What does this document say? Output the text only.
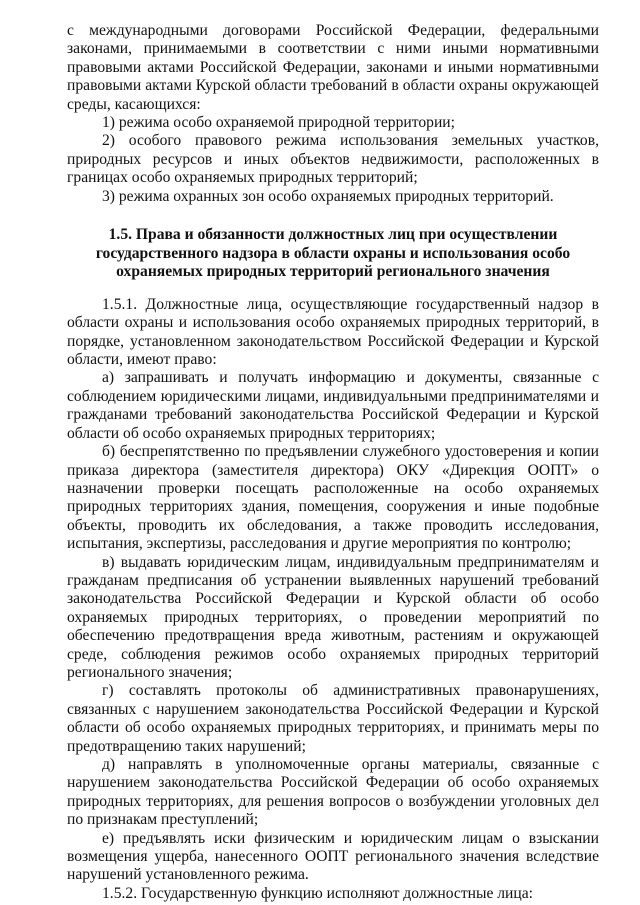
с международными договорами Российской Федерации, федеральными законами, принимаемыми в соответствии с ними иными нормативными правовыми актами Российской Федерации, законами и иными нормативными правовыми актами Курской области требований в области охраны окружающей среды, касающихся:

1) режима особо охраняемой природной территории;

2) особого правового режима использования земельных участков, природных ресурсов и иных объектов недвижимости, расположенных в границах особо охраняемых природных территорий;

3) режима охранных зон особо охраняемых природных территорий.

1.5. Права и обязанности должностных лиц при осуществлении государственного надзора в области охраны и использования особо охраняемых природных территорий регионального значения

1.5.1. Должностные лица, осуществляющие государственный надзор в области охраны и использования особо охраняемых природных территорий, в порядке, установленном законодательством Российской Федерации и Курской области, имеют право:

а) запрашивать и получать информацию и документы, связанные с соблюдением юридическими лицами, индивидуальными предпринимателями и гражданами требований законодательства Российской Федерации и Курской области об особо охраняемых природных территориях;

б) беспрепятственно по предъявлении служебного удостоверения и копии приказа директора (заместителя директора) ОКУ «Дирекция ООПТ» о назначении проверки посещать расположенные на особо охраняемых природных территориях здания, помещения, сооружения и иные подобные объекты, проводить их обследования, а также проводить исследования, испытания, экспертизы, расследования и другие мероприятия по контролю;

в) выдавать юридическим лицам, индивидуальным предпринимателям и гражданам предписания об устранении выявленных нарушений требований законодательства Российской Федерации и Курской области об особо охраняемых природных территориях, о проведении мероприятий по обеспечению предотвращения вреда животным, растениям и окружающей среде, соблюдения режимов особо охраняемых природных территорий регионального значения;

г) составлять протоколы об административных правонарушениях, связанных с нарушением законодательства Российской Федерации и Курской области об особо охраняемых природных территориях, и принимать меры по предотвращению таких нарушений;

д) направлять в уполномоченные органы материалы, связанные с нарушением законодательства Российской Федерации об особо охраняемых природных территориях, для решения вопросов о возбуждении уголовных дел по признакам преступлений;

е) предъявлять иски физическим и юридическим лицам о взыскании возмещения ущерба, нанесенного ООПТ регионального значения вследствие нарушений установленного режима.

1.5.2. Государственную функцию исполняют должностные лица:
